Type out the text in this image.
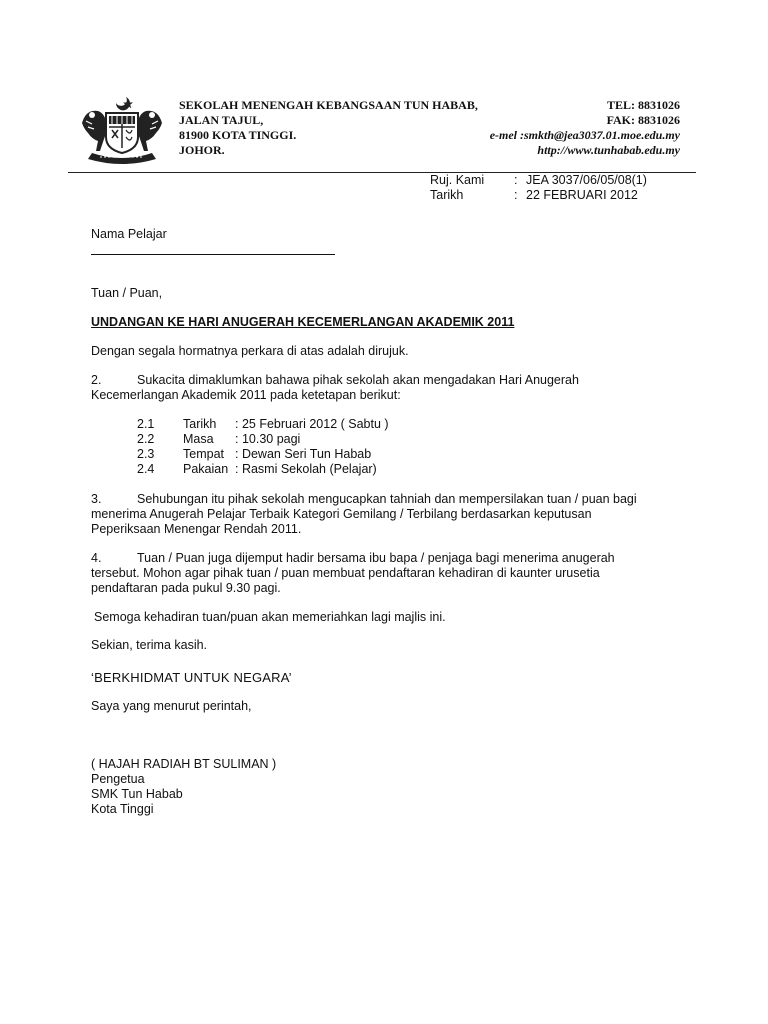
SEKOLAH MENENGAH KEBANGSAAN TUN HABAB,	TEL: 8831026
JALAN TAJUL,	FAK: 8831026
81900 KOTA TINGGI.	e-mel :smkth@jea3037.01.moe.edu.my
JOHOR.	http://www.tunhabab.edu.my
Ruj. Kami	: JEA 3037/06/05/08(1)
Tarikh	: 22 FEBRUARI 2012

Nama Pelajar

Tuan / Puan,

UNDANGAN KE HARI ANUGERAH KECEMERLANGAN AKADEMIK 2011

Dengan segala hormatnya perkara di atas adalah dirujuk.

2.	Sukacita dimaklumkan bahawa pihak sekolah akan mengadakan Hari Anugerah

Kecemerlangan Akademik 2011 pada ketetapan berikut:

2.1	Tarikh	: 25 Februari 2012 ( Sabtu )
2.2	Masa	: 10.30 pagi
2.3	Tempat : Dewan Seri Tun Habab
2.4	Pakaian : Rasmi Sekolah (Pelajar)

3.	Sehubungan itu pihak sekolah mengucapkan tahniah dan mempersilakan tuan / puan bagi

menerima Anugerah Pelajar Terbaik Kategori Gemilang / Terbilang berdasarkan keputusan

Peperiksaan Menengar Rendah 2011.

4.	Tuan / Puan juga dijemput hadir bersama ibu bapa / penjaga bagi menerima anugerah

tersebut. Mohon agar pihak tuan / puan membuat pendaftaran kehadiran di kaunter urusetia

pendaftaran pada pukul 9.30 pagi.

Semoga kehadiran tuan/puan akan memeriahkan lagi majlis ini.

Sekian, terima kasih.

‘BERKHIDMAT UNTUK NEGARA’

Saya yang menurut perintah,

( HAJAH RADIAH BT SULIMAN )

Pengetua

SMK Tun Habab

Kota Tinggi
